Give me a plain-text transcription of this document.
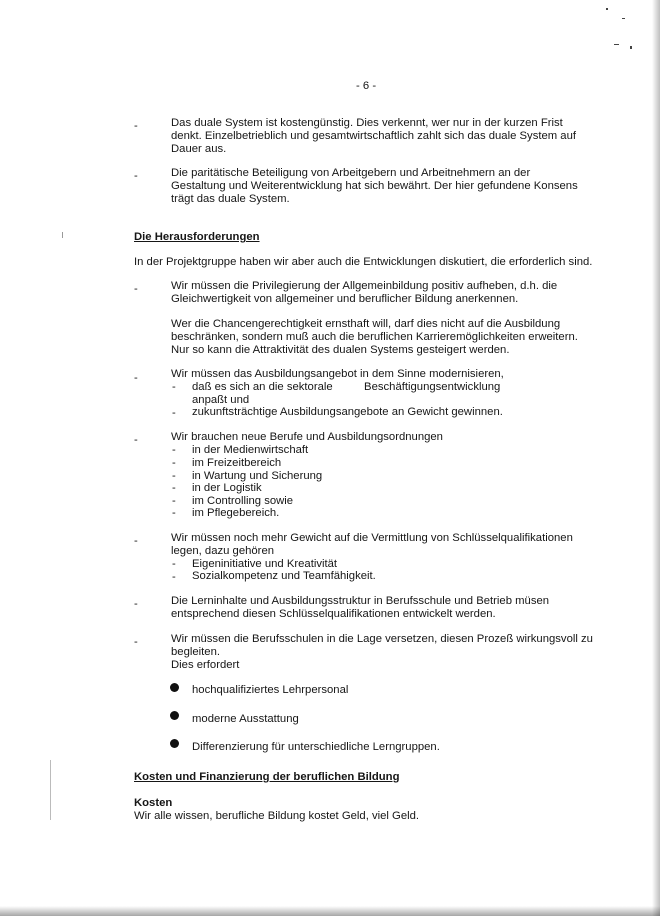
- 6 -
-	Das duale System ist kostengünstig. Dies verkennt, wer nur in der kurzen Frist
denkt. Einzelbetrieblich und gesamtwirtschaftlich zahlt sich das duale System auf
Dauer aus.
-	Die paritätische Beteiligung von Arbeitgebern und Arbeitnehmern an der
Gestaltung und Weiterentwicklung hat sich bewährt. Der hier gefundene Konsens
trägt das duale System.
Die Herausforderungen
In der Projektgruppe haben wir aber auch die Entwicklungen diskutiert, die erforderlich sind.
-	Wir müssen die Privilegierung der Allgemeinbildung positiv aufheben, d.h. die
Gleichwertigkeit von allgemeiner und beruflicher Bildung anerkennen.
Wer die Chancengerechtigkeit ernsthaft will, darf dies nicht auf die Ausbildung
beschränken, sondern muß auch die beruflichen Karrieremöglichkeiten erweitern.
Nur so kann die Attraktivität des dualen Systems gesteigert werden.
-	Wir müssen das Ausbildungsangebot in dem Sinne modernisieren,
- daß es sich an die sektorale          Beschäftigungsentwicklung
anpaßt und
- zukunftsträchtige Ausbildungsangebote an Gewicht gewinnen.
-	Wir brauchen neue Berufe und Ausbildungsordnungen
- in der Medienwirtschaft
- im Freizeitbereich
- in Wartung und Sicherung
- in der Logistik
- im Controlling sowie
- im Pflegebereich.
-	Wir müssen noch mehr Gewicht auf die Vermittlung von Schlüsselqualifikationen
legen, dazu gehören
- Eigeninitiative und Kreativität
- Sozialkompetenz und Teamfähigkeit.
-	Die Lerninhalte und Ausbildungsstruktur in Berufsschule und Betrieb müsen
entsprechend diesen Schlüsselqualifikationen entwickelt werden.
-	Wir müssen die Berufsschulen in die Lage versetzen, diesen Prozeß wirkungsvoll zu
begleiten.
Dies erfordert
hochqualifiziertes Lehrpersonal
moderne Ausstattung
Differenzierung für unterschiedliche Lerngruppen.
Kosten und Finanzierung der beruflichen Bildung
Kosten
Wir alle wissen, berufliche Bildung kostet Geld, viel Geld.
